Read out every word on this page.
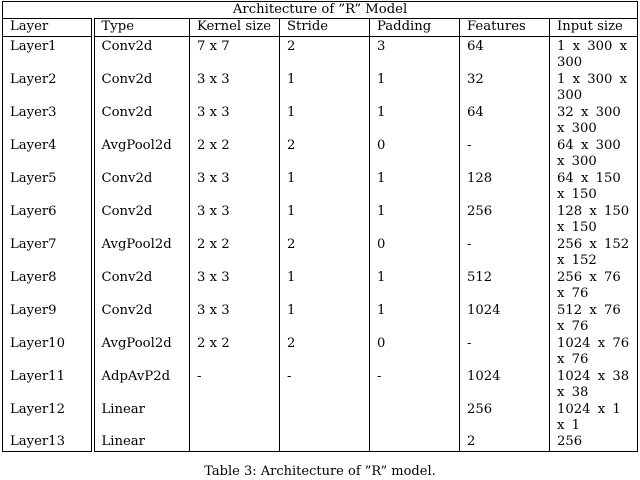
Architecture of ”R” Model						
Layer	Type	Kernel size	Stride	Padding	Features	Input size
Layer1	Conv2d	7 x 7	2	3	64	1 x 300 x 300
Layer2	Conv2d	3 x 3	1	1	32	1 x 300 x 300
Layer3	Conv2d	3 x 3	1	1	64	32 x 300 x 300
Layer4	AvgPool2d	2 x 2	2	0	-	64 x 300 x 300
Layer5	Conv2d	3 x 3	1	1	128	64 x 150 x 150
Layer6	Conv2d	3 x 3	1	1	256	128 x 150 x 150
Layer7	AvgPool2d	2 x 2	2	0	-	256 x 152 x 152
Layer8	Conv2d	3 x 3	1	1	512	256 x 76 x 76
Layer9	Conv2d	3 x 3	1	1	1024	512 x 76 x 76
Layer10	AvgPool2d	2 x 2	2	0	-	1024 x 76 x 76
Layer11	AdpAvP2d	-	-	-	1024	1024 x 38 x 38
Layer12	Linear				256	1024 x 1 x 1
Layer13	Linear				2	256
Table 3: Architecture of ”R” model.
